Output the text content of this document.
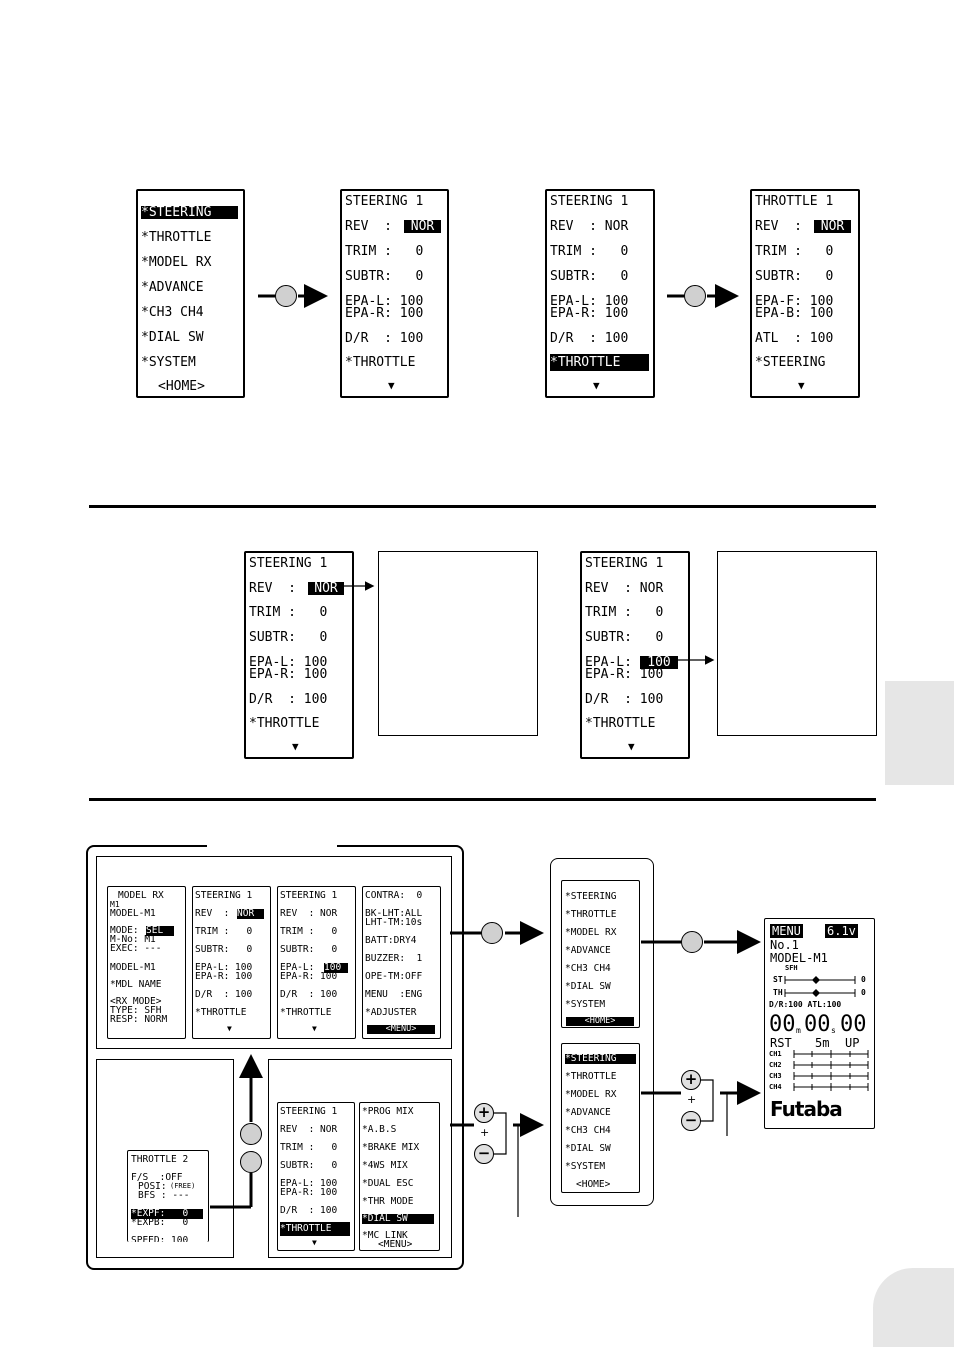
*STEERING
*THROTTLE
*MODEL RX
*ADVANCE
*CH3 CH4
*DIAL SW
*SYSTEM
<HOME>
STEERING 1
REV  :	NOR
TRIM :   0
SUBTR:   0
EPA-L: 100
EPA-R: 100
D/R  : 100
*THROTTLE
▼
STEERING 1
REV  : NOR
TRIM :   0
SUBTR:   0
EPA-L: 100
EPA-R: 100
D/R  : 100
*THROTTLE
▼
THROTTLE 1
REV  :	NOR
TRIM :   0
SUBTR:   0
EPA-F: 100
EPA-B: 100
ATL  : 100
*STEERING
▼
STEERING 1
REV  :	NOR
TRIM :   0
SUBTR:   0
EPA-L: 100
EPA-R: 100
D/R  : 100
*THROTTLE
▼
STEERING 1
REV  : NOR
TRIM :   0
SUBTR:   0
EPA-L:	100
EPA-R: 100
D/R  : 100
*THROTTLE
▼
MODEL RX
M1
MODEL-M1
MODE: SEL
M-No: M1
EXEC: ---
MODEL-M1
*MDL NAME
<RX MODE>
TYPE: SFH
RESP: NORM
STEERING 1
REV  : NOR
TRIM :   0
SUBTR:   0
EPA-L: 100
EPA-R: 100
D/R  : 100
*THROTTLE
▼
STEERING 1
REV  : NOR
TRIM :   0
SUBTR:   0
EPA-L: 100
EPA-R: 100
D/R  : 100
*THROTTLE
▼
CONTRA:  0
BK-LHT:ALL
LHT-TM:10s
BATT:DRY4
BUZZER:  1
OPE-TM:OFF
MENU  :ENG
*ADJUSTER
<MENU>
THROTTLE 2
F/S  :OFF
POSI: (FREE)
BFS : ---
*EXPF:   0
*EXPB:   0
SPEED: 100
STEERING 1
REV  : NOR
TRIM :   0
SUBTR:   0
EPA-L: 100
EPA-R: 100
D/R  : 100
*THROTTLE
▼
*PROG MIX
*A.B.S
*BRAKE MIX
*4WS MIX
*DUAL ESC
*THR MODE
*DIAL SW
*MC LINK
<MENU>
+
+
−
*STEERING
*THROTTLE
*MODEL RX
*ADVANCE
*CH3 CH4
*DIAL SW
*SYSTEM
<HOME>
*STEERING
*THROTTLE
*MODEL RX
*ADVANCE
*CH3 CH4
*DIAL SW
*SYSTEM
<HOME>
+
+
−
MENU 6.1v
No.1
MODEL-M1
SFH
ST	0
TH	0
D/R:100 ATL:100
00 m 00 s 00
RST 5m UP
CH1
CH2
CH3
CH4
Futaba
